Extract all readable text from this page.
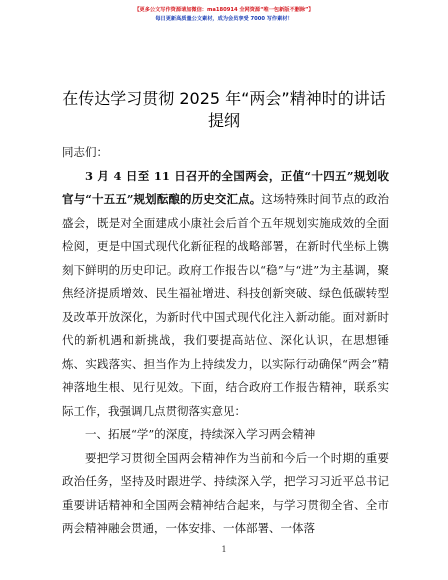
【更多公文写作资源请加微信：ma180914 全网资源“唯一包新版不删除”】
每日更新高质量公文素材，成为会员享受 7000 写作素材！
在传达学习贯彻 2025 年“两会”精神时的讲话
提纲

同志们：

3 月 4 日至 11 日召开的全国两会，正值“十四五”规划收官与“十五五”规划酝酿的历史交汇点。这场特殊时间节点的政治盛会，既是对全面建成小康社会后首个五年规划实施成效的全面检阅，更是中国式现代化新征程的战略部署，在新时代坐标上镌刻下鲜明的历史印记。政府工作报告以“稳”与“进”为主基调，聚焦经济提质增效、民生福祉增进、科技创新突破、绿色低碳转型及改革开放深化，为新时代中国式现代化注入新动能。面对新时代的新机遇和新挑战，我们要提高站位、深化认识，在思想锤炼、实践落实、担当作为上持续发力，以实际行动确保“两会”精神落地生根、见行见效。下面，结合政府工作报告精神，联系实际工作，我强调几点贯彻落实意见：

一、拓展“学”的深度，持续深入学习两会精神

要把学习贯彻全国两会精神作为当前和今后一个时期的重要政治任务，坚持及时跟进学、持续深入学，把学习习近平总书记重要讲话精神和全国两会精神结合起来，与学习贯彻全省、全市两会精神融会贯通，一体安排、一体部署、一体落

1
